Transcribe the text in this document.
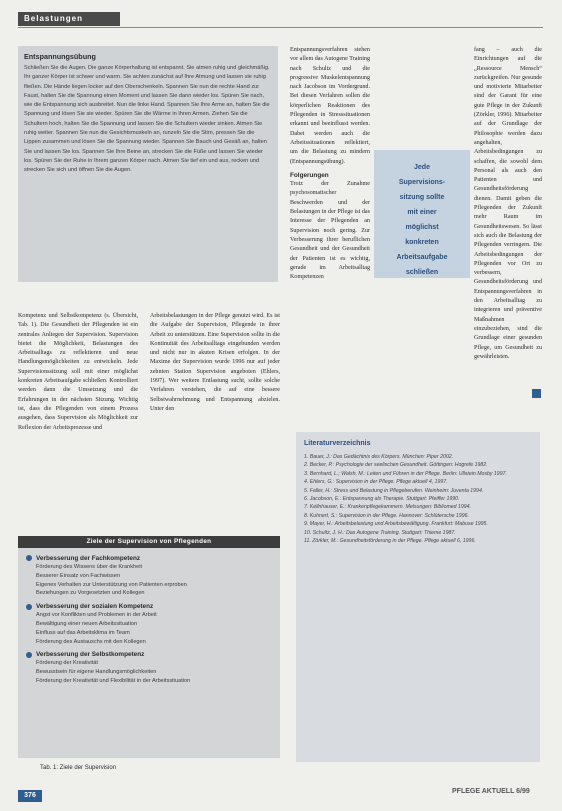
Belastungen
Entspannungsübung

Schließen Sie die Augen. Die ganze Körperhaltung ist entspannt. Sie atmen ruhig und gleichmäßig. Ihr ganzer Körper ist schwer und warm. Sie achten zunächst auf Ihre Atmung und lassen sie ruhig fließen. Die Hände liegen locker auf den Oberschenkeln. Spannen Sie nun die rechte Hand zur Faust, halten Sie die Spannung einen Moment und lassen Sie dann wieder los. Spüren Sie nach, wie die Entspannung sich ausbreitet. Nun die linke Hand. Spannen Sie Ihre Arme an, halten Sie die Spannung und lösen Sie sie wieder. Spüren Sie die Wärme in Ihren Armen. Ziehen Sie die Schultern hoch, halten Sie die Spannung und lassen Sie die Schultern wieder sinken. Atmen Sie ruhig weiter. Spannen Sie nun die Gesichtsmuskeln an, runzeln Sie die Stirn, pressen Sie die Lippen zusammen und lösen Sie die Spannung wieder. Spannen Sie Bauch und Gesäß an, halten Sie und lassen Sie los. Spannen Sie Ihre Beine an, strecken Sie die Füße und lassen Sie wieder los. Spüren Sie der Ruhe in Ihrem ganzen Körper nach. Atmen Sie tief ein und aus, recken und strecken Sie sich und öffnen Sie die Augen.

Kompetenz und Selbstkompetenz (s. Übersicht, Tab. 1). Die Gesundheit der Pflegenden ist ein zentrales Anliegen der Supervision. Supervision bietet die Möglichkeit, Belastungen des Arbeitsalltags zu reflektieren und neue Handlungsmöglichkeiten zu entwickeln. Jede Supervisionssitzung soll mit einer möglichst konkreten Arbeitsaufgabe schließen. Kontrolliert werden dann die Umsetzung und die Erfahrungen in der nächsten Sitzung. Wichtig ist, dass die Pflegenden von einem Prozess ausgehen, dass Supervision als Möglichkeit zur Reflexion der Arbeitsprozesse und

Arbeitsbelastungen in der Pflege genutzt wird. Es ist die Aufgabe der Supervision, Pflegende in ihrer Arbeit zu unterstützen. Eine Supervision sollte in die Kontinuität des Arbeitsalltags eingebunden werden und nicht nur in akuten Krisen erfolgen. In der Maxime der Supervision wurde 1996 nur auf jeder zehnten Station Supervision angeboten (Ehlers, 1997). Wer weitere Entlastung sucht, sollte solche Verfahren verstehen, die auf eine bessere Selbstwahrnehmung und Entspannung abzielen. Unter den

Entspannungsverfahren stehen vor allem das Autogene Training nach Schultz und die progressive Muskelentspannung nach Jacobson im Vordergrund. Bei diesen Verfahren sollen die körperlichen Reaktionen des Pflegenden in Stresssituationen erkannt und beeinflusst werden. Dabei werden auch die Arbeitssituationen reflektiert, um die Belastung zu mindern (Entspannungsübung).

Folgerungen

Trotz der Zunahme psychosomatischer Beschwerden und der Belastungen in der Pflege ist das Interesse der Pflegenden an Supervision noch gering. Zur Verbesserung ihrer beruflichen Gesundheit und der Gesundheit der Patienten ist es wichtig, gerade im Arbeitsalltag Kompetenzen

Jede
Supervisions-
sitzung sollte
mit einer
möglichst
konkreten
Arbeitsaufgabe
schließen

fang – auch die Einrichtungen auf die „Ressource Mensch“ zurückgreifen. Nur gesunde und motivierte Mitarbeiter sind der Garant für eine gute Pflege in der Zukunft (Zörkler, 1996). Mitarbeiter auf der Grundlage der Philosophie werden dazu angehalten, Arbeitsbedingungen zu schaffen, die sowohl dem Personal als auch den Patienten und Gesundheitsförderung dienen. Damit geben die Pflegenden der Zukunft mehr Raum im Gesundheitswesen. So lässt sich auch die Belastung der Pflegenden verringern. Die Arbeitsbedingungen der Pflegenden vor Ort zu verbessern, Gesundheitsförderung und Entspannungsverfahren in den Arbeitsalltag zu integrieren und präventive Maßnahmen einzubeziehen, sind die Grundlage einer gesunden Pflege, um Gesundheit zu gewährleisten.

Ziele der Supervision von Pflegenden
Verbesserung der Fachkompetenz
Förderung des Wissens über die Krankheit
Besserer Einsatz von Fachwissen
Eigenes Verhalten zur Unterstützung von Patienten erproben
Beziehungen zu Vorgesetzten und Kollegen
Verbesserung der sozialen Kompetenz
Angst vor Konflikten und Problemen in der Arbeit
Bewältigung einer neuen Arbeitssituation
Einfluss auf das Arbeitsklima im Team
Förderung des Austauschs mit den Kollegen
Verbesserung der Selbstkompetenz
Förderung der Kreativität
Bewusstsein für eigene Handlungsmöglichkeiten
Förderung der Kreativität und Flexibilität in der Arbeitssituation
Tab. 1: Ziele der Supervision
Literaturverzeichnis
1. Bauer, J.: Das Gedächtnis des Körpers. München: Piper 2002.
2. Becker, P.: Psychologie der seelischen Gesundheit. Göttingen: Hogrefe 1982.
3. Bernhard, L.; Walsh, M.: Leiten und Führen in der Pflege. Berlin: Ullstein Mosby 1997.
4. Ehlers, G.: Supervision in der Pflege. Pflege aktuell 4, 1997.
5. Faller, H.: Stress und Belastung in Pflegeberufen. Weinheim: Juventa 1994.
6. Jacobson, E.: Entspannung als Therapie. Stuttgart: Pfeiffer 1990.
7. Kellnhauser, E.: Krankenpflegekammern. Melsungen: Bibliomed 1994.
8. Kuhnert, S.: Supervision in der Pflege. Hannover: Schlütersche 1996.
9. Mayer, H.: Arbeitsbelastung und Arbeitsbewältigung. Frankfurt: Mabuse 1995.
10. Schultz, J. H.: Das Autogene Training. Stuttgart: Thieme 1987.
11. Zörkler, M.: Gesundheitsförderung in der Pflege. Pflege aktuell 6, 1996.
376
PFLEGE AKTUELL 6/99
